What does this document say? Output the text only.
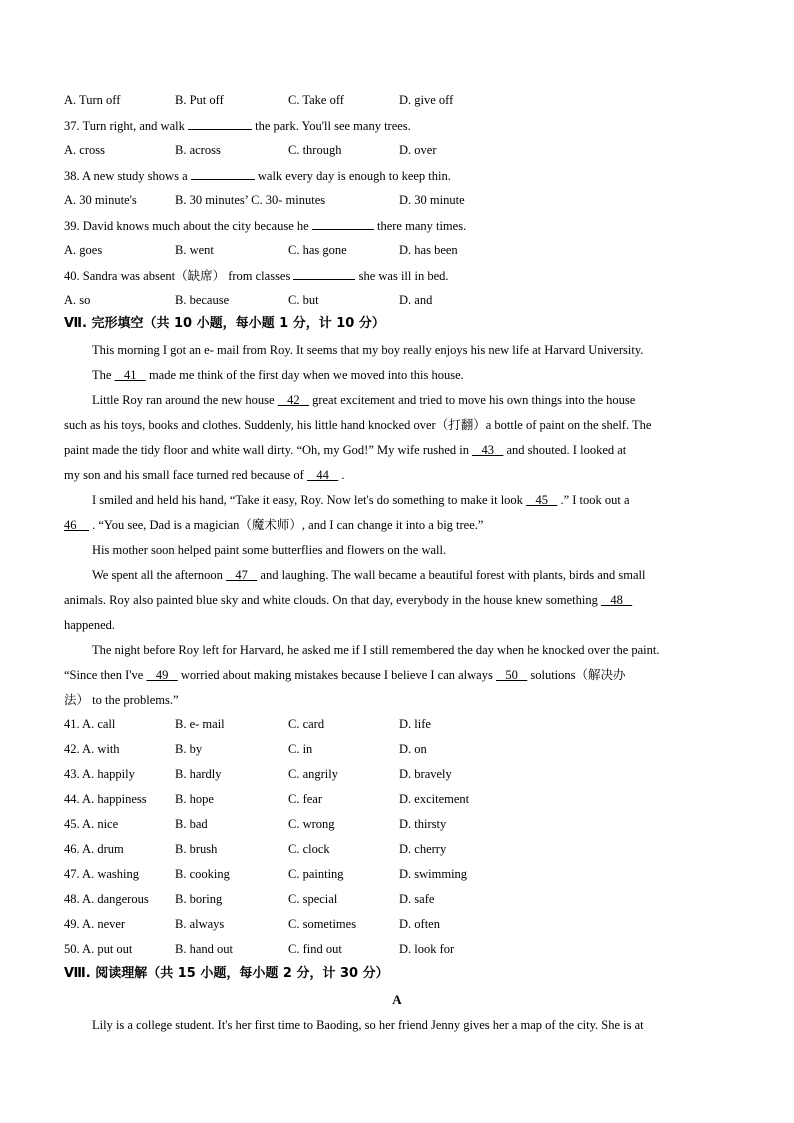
A. Turn off	B. Put off	C. Take off	D. give off
37. Turn right, and walk	the park. You'll see many trees.
A. cross	B. across	C. through	D. over
38. A new study shows a	walk every day is enough to keep thin.
A. 30 minute's	B. 30 minutes’ C. 30- minutes	D. 30 minute
39. David knows much about the city because he	there many times.
A. goes	B. went	C. has gone	D. has been
40. Sandra was absent（缺席） from classes	she was ill in bed.
A. so	B. because	C. but	D. and
Ⅶ. 完形填空（共 10 小题，每小题 1 分，计 10 分）
This morning I got an e- mail from Roy. It seems that my boy really enjoys his new life at Harvard University.
The 41 made me think of the first day when we moved into this house.
Little Roy ran around the new house 42 great excitement and tried to move his own things into the house
such as his toys, books and clothes. Suddenly, his little hand knocked over（打翻）a bottle of paint on the shelf. The
paint made the tidy floor and white wall dirty. “Oh, my God!” My wife rushed in 43 and shouted. I looked at
my son and his small face turned red because of 44 .
I smiled and held his hand, “Take it easy, Roy. Now let's do something to make it look 45 .” I took out a
46 . “You see, Dad is a magician（魔术师）, and I can change it into a big tree.”
His mother soon helped paint some butterflies and flowers on the wall.
We spent all the afternoon 47 and laughing. The wall became a beautiful forest with plants, birds and small
animals. Roy also painted blue sky and white clouds. On that day, everybody in the house knew something 48
happened.
The night before Roy left for Harvard, he asked me if I still remembered the day when he knocked over the paint.
“Since then I've 49 worried about making mistakes because I believe I can always 50 solutions（解决办
法） to the problems.”
41. A. call	B. e- mail	C. card	D. life
42. A. with	B. by	C. in	D. on
43. A. happily	B. hardly	C. angrily	D. bravely
44. A. happiness B. hope	C. fear	D. excitement
45. A. nice	B. bad	C. wrong	D. thirsty
46. A. drum	B. brush	C. clock	D. cherry
47. A. washing	B. cooking	C. painting	D. swimming
48. A. dangerous B. boring	C. special	D. safe
49. A. never	B. always	C. sometimes	D. often
50. A. put out	B. hand out	C. find out	D. look for
Ⅷ. 阅读理解（共 15 小题，每小题 2 分，计 30 分）
A
Lily is a college student. It's her first time to Baoding, so her friend Jenny gives her a map of the city. She is at
